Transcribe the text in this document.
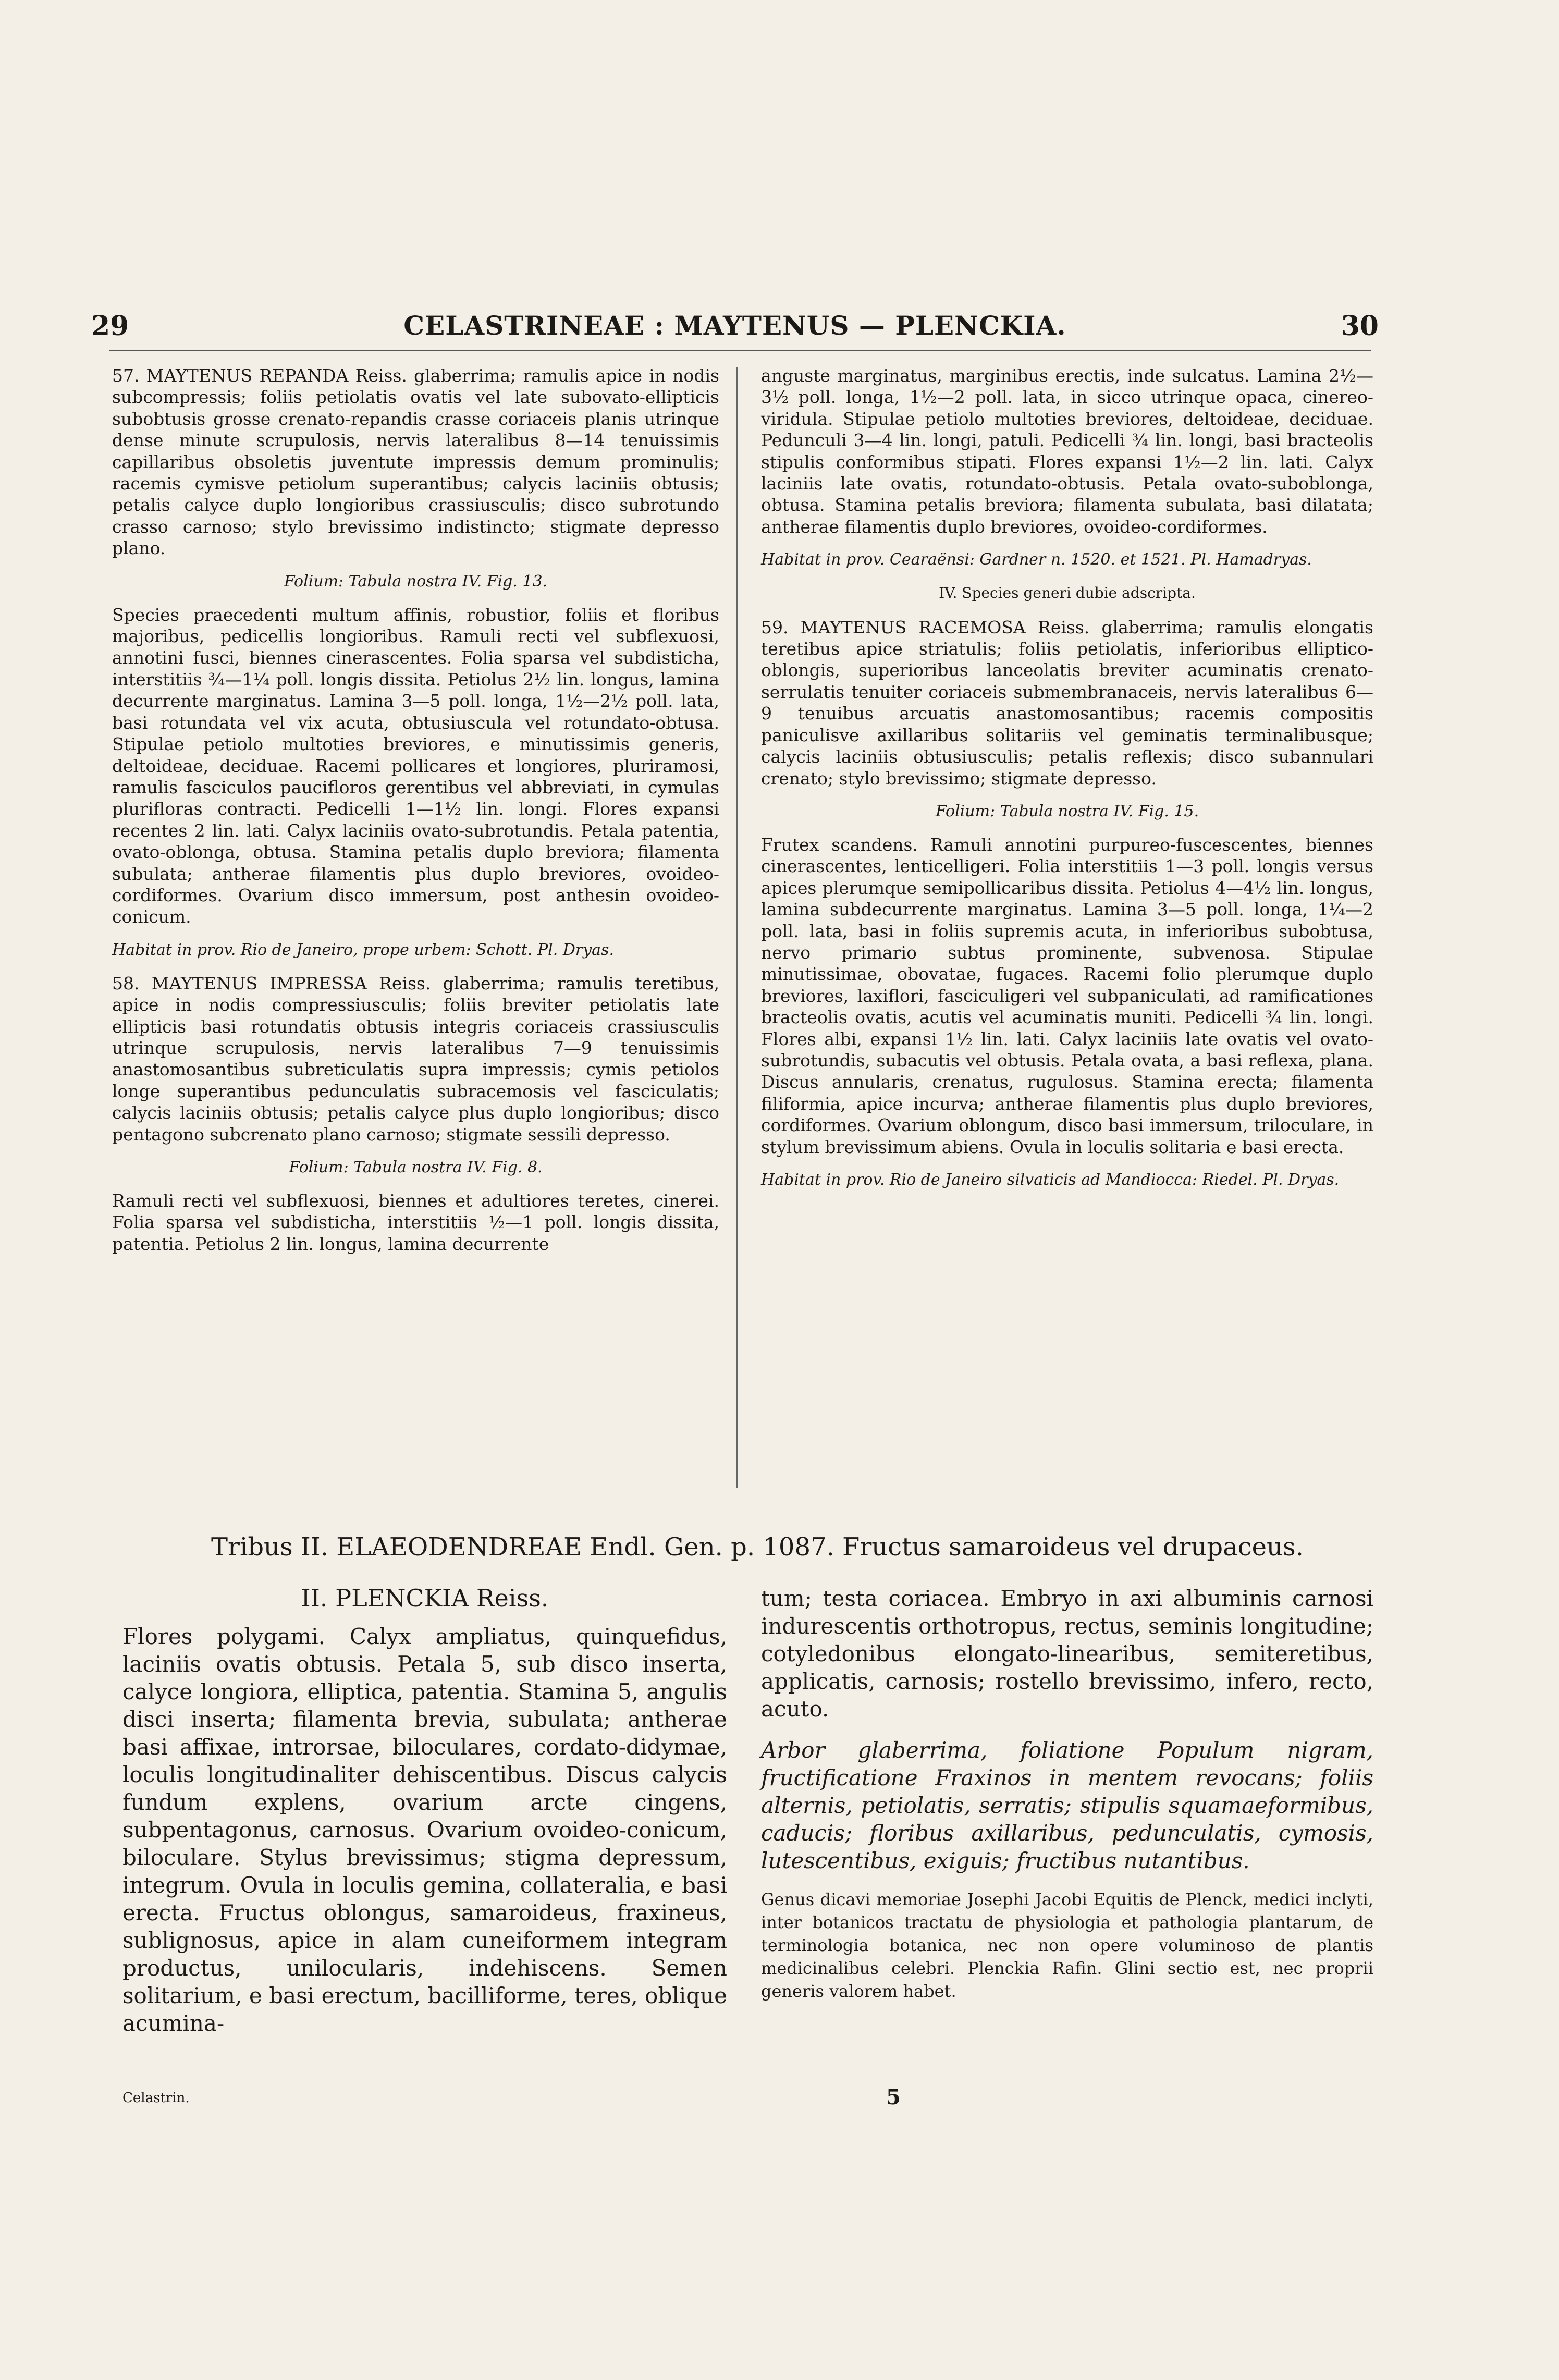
29	CELASTRINEAE : MAYTENUS — PLENCKIA.	30

57. MAYTENUS REPANDA Reiss. glaberrima; ramulis apice in nodis subcompressis; foliis petiolatis ovatis vel late subovato-ellipticis subobtusis grosse crenato-repandis crasse coriaceis planis utrinque dense minute scrupulosis, nervis lateralibus 8—14 tenuissimis capillaribus obsoletis juventute impressis demum prominulis; racemis cymisve petiolum superantibus; calycis laciniis obtusis; petalis calyce duplo longioribus crassiusculis; disco subrotundo crasso carnoso; stylo brevissimo indistincto; stigmate depresso plano.

Folium: Tabula nostra IV. Fig. 13.

Species praecedenti multum affinis, robustior, foliis et floribus majoribus, pedicellis longioribus. Ramuli recti vel subflexuosi, annotini fusci, biennes cinerascentes. Folia sparsa vel subdisticha, interstitiis ¾—1¼ poll. longis dissita. Petiolus 2½ lin. longus, lamina decurrente marginatus. Lamina 3—5 poll. longa, 1½—2½ poll. lata, basi rotundata vel vix acuta, obtusiuscula vel rotundato-obtusa. Stipulae petiolo multoties breviores, e minutissimis generis, deltoideae, deciduae. Racemi pollicares et longiores, pluriramosi, ramulis fasciculos paucifloros gerentibus vel abbreviati, in cymulas plurifloras contracti. Pedicelli 1—1½ lin. longi. Flores expansi recentes 2 lin. lati. Calyx laciniis ovato-subrotundis. Petala patentia, ovato-oblonga, obtusa. Stamina petalis duplo breviora; filamenta subulata; antherae filamentis plus duplo breviores, ovoideo-cordiformes. Ovarium disco immersum, post anthesin ovoideo-conicum.

Habitat in prov. Rio de Janeiro, prope urbem: Schott. Pl. Dryas.

58. MAYTENUS IMPRESSA Reiss. glaberrima; ramulis teretibus, apice in nodis compressiusculis; foliis breviter petiolatis late ellipticis basi rotundatis obtusis integris coriaceis crassiusculis utrinque scrupulosis, nervis lateralibus 7—9 tenuissimis anastomosantibus subreticulatis supra impressis; cymis petiolos longe superantibus pedunculatis subracemosis vel fasciculatis; calycis laciniis obtusis; petalis calyce plus duplo longioribus; disco pentagono subcrenato plano carnoso; stigmate sessili depresso.

Folium: Tabula nostra IV. Fig. 8.

Ramuli recti vel subflexuosi, biennes et adultiores teretes, cinerei. Folia sparsa vel subdisticha, interstitiis ½—1 poll. longis dissita, patentia. Petiolus 2 lin. longus, lamina decurrente

anguste marginatus, marginibus erectis, inde sulcatus. Lamina 2½—3½ poll. longa, 1½—2 poll. lata, in sicco utrinque opaca, cinereo-viridula. Stipulae petiolo multoties breviores, deltoideae, deciduae. Pedunculi 3—4 lin. longi, patuli. Pedicelli ¾ lin. longi, basi bracteolis stipulis conformibus stipati. Flores expansi 1½—2 lin. lati. Calyx laciniis late ovatis, rotundato-obtusis. Petala ovato-suboblonga, obtusa. Stamina petalis breviora; filamenta subulata, basi dilatata; antherae filamentis duplo breviores, ovoideo-cordiformes.

Habitat in prov. Cearaënsi: Gardner n. 1520. et 1521. Pl. Hamadryas.

IV. Species generi dubie adscripta.

59. MAYTENUS RACEMOSA Reiss. glaberrima; ramulis elongatis teretibus apice striatulis; foliis petiolatis, inferioribus elliptico-oblongis, superioribus lanceolatis breviter acuminatis crenato-serrulatis tenuiter coriaceis submembranaceis, nervis lateralibus 6—9 tenuibus arcuatis anastomosantibus; racemis compositis paniculisve axillaribus solitariis vel geminatis terminalibusque; calycis laciniis obtusiusculis; petalis reflexis; disco subannulari crenato; stylo brevissimo; stigmate depresso.

Folium: Tabula nostra IV. Fig. 15.

Frutex scandens. Ramuli annotini purpureo-fuscescentes, biennes cinerascentes, lenticelligeri. Folia interstitiis 1—3 poll. longis versus apices plerumque semipollicaribus dissita. Petiolus 4—4½ lin. longus, lamina subdecurrente marginatus. Lamina 3—5 poll. longa, 1¼—2 poll. lata, basi in foliis supremis acuta, in inferioribus subobtusa, nervo primario subtus prominente, subvenosa. Stipulae minutissimae, obovatae, fugaces. Racemi folio plerumque duplo breviores, laxiflori, fasciculigeri vel subpaniculati, ad ramificationes bracteolis ovatis, acutis vel acuminatis muniti. Pedicelli ¾ lin. longi. Flores albi, expansi 1½ lin. lati. Calyx laciniis late ovatis vel ovato-subrotundis, subacutis vel obtusis. Petala ovata, a basi reflexa, plana. Discus annularis, crenatus, rugulosus. Stamina erecta; filamenta filiformia, apice incurva; antherae filamentis plus duplo breviores, cordiformes. Ovarium oblongum, disco basi immersum, triloculare, in stylum brevissimum abiens. Ovula in loculis solitaria e basi erecta.

Habitat in prov. Rio de Janeiro silvaticis ad Mandiocca: Riedel. Pl. Dryas.

Tribus II. ELAEODENDREAE Endl. Gen. p. 1087. Fructus samaroideus vel drupaceus.
II. PLENCKIA Reiss.

Flores polygami. Calyx ampliatus, quinquefidus, laciniis ovatis obtusis. Petala 5, sub disco inserta, calyce longiora, elliptica, patentia. Stamina 5, angulis disci inserta; filamenta brevia, subulata; antherae basi affixae, introrsae, biloculares, cordato-didymae, loculis longitudinaliter dehiscentibus. Discus calycis fundum explens, ovarium arcte cingens, subpentagonus, carnosus. Ovarium ovoideo-conicum, biloculare. Stylus brevissimus; stigma depressum, integrum. Ovula in loculis gemina, collateralia, e basi erecta. Fructus oblongus, samaroideus, fraxineus, sublignosus, apice in alam cuneiformem integram productus, unilocularis, indehiscens. Semen solitarium, e basi erectum, bacilliforme, teres, oblique acumina-

tum; testa coriacea. Embryo in axi albuminis carnosi indurescentis orthotropus, rectus, seminis longitudine; cotyledonibus elongato-linearibus, semiteretibus, applicatis, carnosis; rostello brevissimo, infero, recto, acuto.

Arbor glaberrima, foliatione Populum nigram, fructificatione Fraxinos in mentem revocans; foliis alternis, petiolatis, serratis; stipulis squamaeformibus, caducis; floribus axillaribus, pedunculatis, cymosis, lutescentibus, exiguis; fructibus nutantibus.

Genus dicavi memoriae Josephi Jacobi Equitis de Plenck, medici inclyti, inter botanicos tractatu de physiologia et pathologia plantarum, de terminologia botanica, nec non opere voluminoso de plantis medicinalibus celebri. Plenckia Rafin. Glini sectio est, nec proprii generis valorem habet.

Celastrin.	5
